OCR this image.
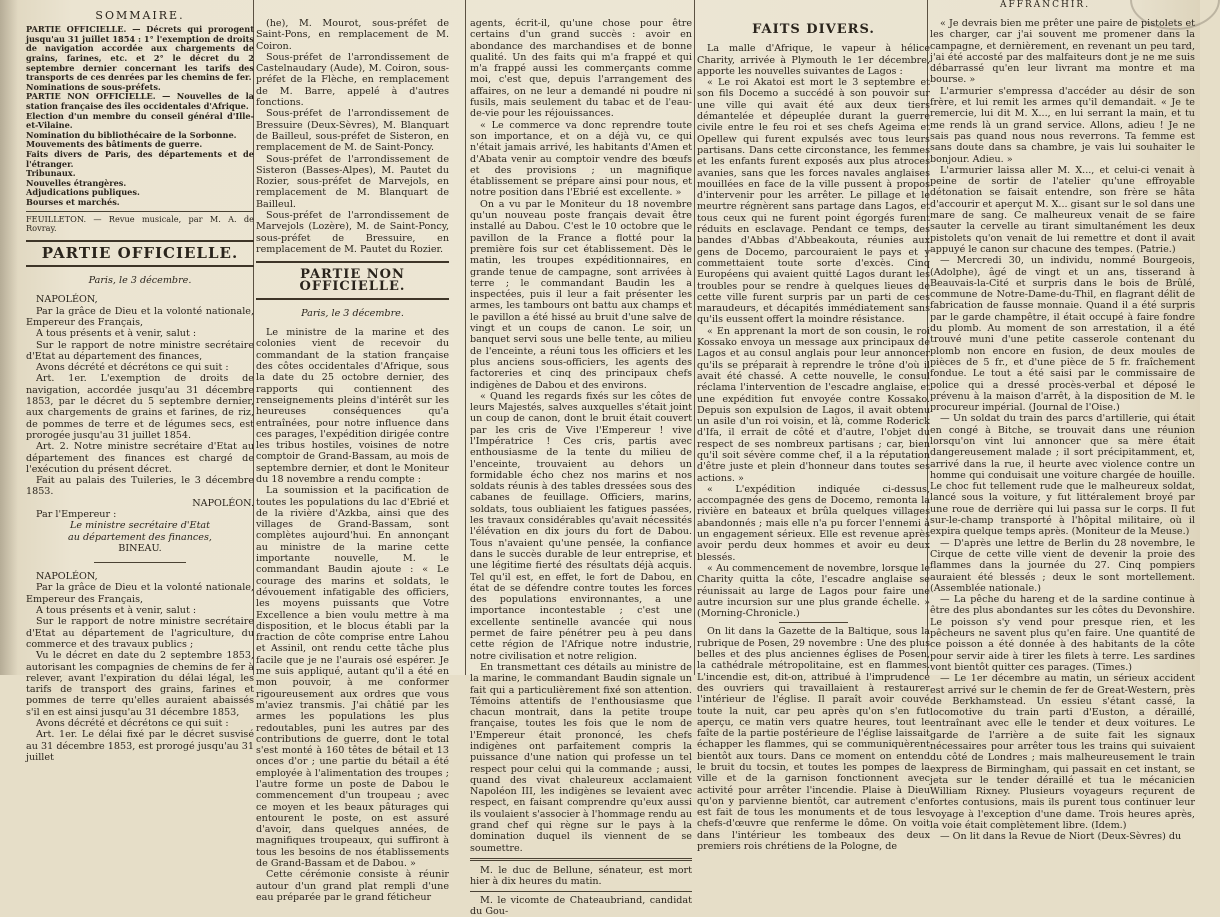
AFFRANCHIR.
SOMMAIRE.

PARTIE OFFICIELLE. — Décrets qui prorogent jusqu'au 31 juillet 1854 : 1° l'exemption de droits de navigation accordée aux chargements de grains, farines, etc. et 2° le décret du 2 septembre dernier concernant les tarifs des transports de ces denrées par les chemins de fer.

Nominations de sous-préfets.

PARTIE NON OFFICIELLE. — Nouvelles de la station française des îles occidentales d'Afrique.

Election d'un membre du conseil général d'Ille-et-Vilaine.

Nomination du bibliothécaire de la Sorbonne.

Mouvements des bâtiments de guerre.

Faits divers de Paris, des départements et de l'étranger.

Tribunaux.

Nouvelles étrangères.

Adjudications publiques.

Bourses et marchés.

FEUILLETON. — Revue musicale, par M. A. de Rovray.

PARTIE OFFICIELLE.
Paris, le 3 décembre.

NAPOLÉON,

Par la grâce de Dieu et la volonté nationale, Empereur des Français,

A tous présents et à venir, salut :

Sur le rapport de notre ministre secrétaire d'Etat au département des finances,

Avons décrété et décrétons ce qui suit :

Art. 1er. L'exemption de droits de navigation, accordée jusqu'au 31 décembre 1853, par le décret du 5 septembre dernier, aux chargements de grains et farines, de riz, de pommes de terre et de légumes secs, est prorogée jusqu'au 31 juillet 1854.

Art. 2. Notre ministre secrétaire d'Etat au département des finances est chargé de l'exécution du présent décret.

Fait au palais des Tuileries, le 3 décembre 1853.

NAPOLÉON.

Par l'Empereur :

Le ministre secrétaire d'Etat

au département des finances,

BINEAU.

NAPOLÉON,

Par la grâce de Dieu et la volonté nationale, Empereur des Français,

A tous présents et à venir, salut :

Sur le rapport de notre ministre secrétaire d'Etat au département de l'agriculture, du commerce et des travaux publics ;

Vu le décret en date du 2 septembre 1853, autorisant les compagnies de chemins de fer à relever, avant l'expiration du délai légal, les tarifs de transport des grains, farines et pommes de terre qu'elles auraient abaissés s'il en est ainsi jusqu'au 31 décembre 1853,

Avons décrété et décrétons ce qui suit :

Art. 1er. Le délai fixé par le décret susvisé au 31 décembre 1853, est prorogé jusqu'au 31 juillet

(he), M. Mourot, sous-préfet de Saint-Pons, en remplacement de M. Coiron.

Sous-préfet de l'arrondissement de Castelnaudary (Aude), M. Coiron, sous-préfet de la Flèche, en remplacement de M. Barre, appelé à d'autres fonctions.

Sous-préfet de l'arrondissement de Bressuire (Deux-Sèvres), M. Blanquart de Bailleul, sous-préfet de Sisteron, en remplacement de M. de Saint-Poncy.

Sous-préfet de l'arrondissement de Sisteron (Basses-Alpes), M. Pautet du Rozier, sous-préfet de Marvejols, en remplacement de M. Blanquart de Bailleul.

Sous-préfet de l'arrondissement de Marvejols (Lozère), M. de Saint-Poncy, sous-préfet de Bressuire, en remplacement de M. Pautet du Rozier.

PARTIE NON OFFICIELLE.
Paris, le 3 décembre.

Le ministre de la marine et des colonies vient de recevoir du commandant de la station française des côtes occidentales d'Afrique, sous la date du 25 octobre dernier, des rapports qui contiennent des renseignements pleins d'intérêt sur les heureuses conséquences qu'a entraînées, pour notre influence dans ces parages, l'expédition dirigée contre les tribus hostiles, voisines de notre comptoir de Grand-Bassam, au mois de septembre dernier, et dont le Moniteur du 18 novembre a rendu compte :

La soumission et la pacification de toutes les populations du lac d'Ebrié et de la rivière d'Azkba, ainsi que des villages de Grand-Bassam, sont complètes aujourd'hui. En annonçant au ministre de la marine cette importante nouvelle, M. le commandant Baudin ajoute : « Le courage des marins et soldats, le dévouement infatigable des officiers, les moyens puissants que Votre Excellence a bien voulu mettre à ma disposition, et le blocus établi par la fraction de côte comprise entre Lahou et Assinil, ont rendu cette tâche plus facile que je ne l'aurais osé espérer. Je me suis appliqué, autant qu'il a été en mon pouvoir, à me conformer rigoureusement aux ordres que vous m'aviez transmis. J'ai châtié par les armes les populations les plus redoutables, puni les autres par des contributions de guerre, dont le total s'est monté à 160 têtes de bétail et 13 onces d'or ; une partie du bétail a été employée à l'alimentation des troupes ; l'autre forme un poste de Dabou le commencement d'un troupeau ; avec ce moyen et les beaux pâturages qui entourent le poste, on est assuré d'avoir, dans quelques années, de magnifiques troupeaux, qui suffiront à tous les besoins de nos établissements de Grand-Bassam et de Dabou. »

Cette cérémonie consiste à réunir autour d'un grand plat rempli d'une eau préparée par le grand féticheur

agents, écrit-il, qu'une chose pour être certains d'un grand succès : avoir en abondance des marchandises et de bonne qualité. Un des faits qui m'a frappé et qui m'a frappé aussi les commerçants comme moi, c'est que, depuis l'arrangement des affaires, on ne leur a demandé ni poudre ni fusils, mais seulement du tabac et de l'eau-de-vie pour les réjouissances.

« Le commerce va donc reprendre toute son importance, et on a déjà vu, ce qui n'était jamais arrivé, les habitants d'Amen et d'Abata venir au comptoir vendre des bœufs et des provisions ; un magnifique établissement se prépare ainsi pour nous, et notre position dans l'Ebrié est excellente. »

On a vu par le Moniteur du 18 novembre qu'un nouveau poste français devait être installé au Dabou. C'est le 10 octobre que le pavillon de la France a flotté pour la première fois sur cet établissement. Dès le matin, les troupes expéditionnaires, en grande tenue de campagne, sont arrivées à terre ; le commandant Baudin les a inspectées, puis il leur a fait présenter les armes, les tambours ont battu aux champs et le pavillon a été hissé au bruit d'une salve de vingt et un coups de canon. Le soir, un banquet servi sous une belle tente, au milieu de l'enceinte, a réuni tous les officiers et les plus anciens sous-officiers, les agents des factoreries et cinq des principaux chefs indigènes de Dabou et des environs.

« Quand les regards fixés sur les côtes de leurs Majestés, salves auxquelles s'était joint un coup de canon, dont le bruit était couvert par les cris de Vive l'Empereur ! vive l'Impératrice ! Ces cris, partis avec enthousiasme de la tente du milieu de l'enceinte, trouvaient au dehors un formidable écho chez nos marins et nos soldats réunis à des tables dressées sous des cabanes de feuillage. Officiers, marins, soldats, tous oubliaient les fatigues passées, les travaux considérables qu'avait nécessités l'élévation en dix jours du fort de Dabou. Tous n'avaient qu'une pensée, la confiance dans le succès durable de leur entreprise, et une légitime fierté des résultats déjà acquis. Tel qu'il est, en effet, le fort de Dabou, en état de se défendre contre toutes les forces des populations environnantes, a une importance incontestable ; c'est une excellente sentinelle avancée qui nous permet de faire pénétrer peu à peu dans cette région de l'Afrique notre industrie, notre civilisation et notre religion.

En transmettant ces détails au ministre de la marine, le commandant Baudin signale un fait qui a particulièrement fixé son attention. Témoins attentifs de l'enthousiasme que chacun montrait, dans la petite troupe française, toutes les fois que le nom de l'Empereur était prononcé, les chefs indigènes ont parfaitement compris la puissance d'une nation qui professe un tel respect pour celui qui la commande ; aussi, quand des vivat chaleureux acclamaient Napoléon III, les indigènes se levaient avec respect, en faisant comprendre qu'eux aussi ils voulaient s'associer à l'hommage rendu au grand chef qui règne sur le pays à la domination duquel ils viennent de se soumettre.

M. le duc de Bellune, sénateur, est mort hier à dix heures du matin.

M. le vicomte de Chateaubriand, candidat du Gou-

FAITS DIVERS.

La malle d'Afrique, le vapeur à hélice Charity, arrivée à Plymouth le 1er décembre, apporte les nouvelles suivantes de Lagos :

« Le roi Akatoi est mort le 3 septembre et son fils Docemo a succédé à son pouvoir sur une ville qui avait été aux deux tiers démantelée et dépeuplée durant la guerre civile entre le feu roi et ses chefs Ageima et Opellew qui furent expulsés avec tous leurs partisans. Dans cette circonstance, les femmes et les enfants furent exposés aux plus atroces avanies, sans que les forces navales anglaises mouillées en face de la ville pussent à propos d'intervenir pour les arrêter. Le pillage et le meurtre régnèrent sans partage dans Lagos, et tous ceux qui ne furent point égorgés furent réduits en esclavage. Pendant ce temps, des bandes d'Abbas d'Abbeakouta, réunies aux gens de Docemo, parcouraient le pays et y commettaient toute sorte d'excès. Cinq Européens qui avaient quitté Lagos durant les troubles pour se rendre à quelques lieues de cette ville furent surpris par un parti de ces maraudeurs, et décapités immédiatement sans qu'ils eussent offert la moindre résistance.

« En apprenant la mort de son cousin, le roi Kossako envoya un message aux principaux de Lagos et au consul anglais pour leur annoncer qu'ils se préparait à reprendre le trône d'où il avait été chassé. A cette nouvelle, le consul réclama l'intervention de l'escadre anglaise, et une expédition fut envoyée contre Kossako. Depuis son expulsion de Lagos, il avait obtenu un asile d'un roi voisin, et là, comme Roderick d'Ifa, il errait de côté et d'autre, l'objet du respect de ses nombreux partisans ; car, bien qu'il soit sévère comme chef, il a la réputation d'être juste et plein d'honneur dans toutes ses actions. »

« L'expédition indiquée ci-dessus, accompagnée des gens de Docemo, remonta la rivière en bateaux et brûla quelques villages abandonnés ; mais elle n'a pu forcer l'ennemi à un engagement sérieux. Elle est revenue après avoir perdu deux hommes et avoir eu deux blessés.

« Au commencement de novembre, lorsque le Charity quitta la côte, l'escadre anglaise se réunissait au large de Lagos pour faire une autre incursion sur une plus grande échelle. » (Morning-Chronicle.)

On lit dans la Gazette de la Baltique, sous la rubrique de Posen, 29 novembre : Une des plus belles et des plus anciennes églises de Posen, la cathédrale métropolitaine, est en flammes. L'incendie est, dit-on, attribué à l'imprudence des ouvriers qui travaillaient à restaurer l'intérieur de l'église. Il paraît avoir couvé toute la nuit, car peu après qu'on s'en fut aperçu, ce matin vers quatre heures, tout le faîte de la partie postérieure de l'église laissait échapper les flammes, qui se communiquèrent bientôt aux tours. Dans ce moment on entend le bruit du tocsin, et toutes les pompes de la ville et de la garnison fonctionnent avec activité pour arrêter l'incendie. Plaise à Dieu qu'on y parvienne bientôt, car autrement c'en est fait de tous les monuments et de tous les chefs-d'œuvre que renferme le dôme. On voit dans l'intérieur les tombeaux des deux premiers rois chrétiens de la Pologne, de

« Je devrais bien me prêter une paire de pistolets et les charger, car j'ai souvent me promener dans la campagne, et dernièrement, en revenant un peu tard, j'ai été accosté par des malfaiteurs dont je ne me suis débarrassé qu'en leur livrant ma montre et ma bourse. »

L'armurier s'empressa d'accéder au désir de son frère, et lui remit les armes qu'il demandait. « Je te remercie, lui dit M. X..., en lui serrant la main, et tu me rends là un grand service. Allons, adieu ! Je ne sais pas quand nous nous reverrons. Ta femme est sans doute dans sa chambre, je vais lui souhaiter le bonjour. Adieu. »

L'armurier laissa aller M. X..., et celui-ci venait à peine de sortir de l'atelier qu'une effroyable détonation se faisait entendre, son frère se hâta d'accourir et aperçut M. X... gisant sur le sol dans une mare de sang. Ce malheureux venait de se faire sauter la cervelle au tirant simultanément les deux pistolets qu'on venait de lui remettre et dont il avait appuyé le canon sur chacune des tempes. (Patrie.)

— Mercredi 30, un individu, nommé Bourgeois, (Adolphe), âgé de vingt et un ans, tisserand à Beauvais-la-Cité et surpris dans le bois de Brûlé, commune de Notre-Dame-du-Thil, en flagrant délit de fabrication de fausse monnaie. Quand il a été surpris par le garde champêtre, il était occupé à faire fondre du plomb. Au moment de son arrestation, il a été trouvé muni d'une petite casserole contenant du plomb non encore en fusion, de deux moules de pièces de 5 fr., et d'une pièce de 5 fr. fraîchement fondue. Le tout a été saisi par le commissaire de police qui a dressé procès-verbal et déposé le prévenu à la maison d'arrêt, à la disposition de M. le procureur impérial. (Journal de l'Oise.)

— Un soldat du train des parcs d'artillerie, qui était en congé à Bitche, se trouvait dans une réunion lorsqu'on vint lui annoncer que sa mère était dangereusement malade ; il sort précipitamment, et, arrivé dans la rue, il heurte avec violence contre un homme qui conduisait une voiture chargée de houille. Le choc fut tellement rude que le malheureux soldat, lancé sous la voiture, y fut littéralement broyé par une roue de derrière qui lui passa sur le corps. Il fut sur-le-champ transporté à l'hôpital militaire, où il expira quelque temps après. (Moniteur de la Meuse.)

— D'après une lettre de Berlin du 28 novembre, le Cirque de cette ville vient de devenir la proie des flammes dans la journée du 27. Cinq pompiers auraient été blessés ; deux le sont mortellement. (Assemblée nationale.)

— La pêche du hareng et de la sardine continue à être des plus abondantes sur les côtes du Devonshire. Le poisson s'y vend pour presque rien, et les pêcheurs ne savent plus qu'en faire. Une quantité de ce poisson a été donnée à des habitants de la côte pour servir aide à tirer les filets à terre. Les sardines vont bientôt quitter ces parages. (Times.)

— Le 1er décembre au matin, un sérieux accident est arrivé sur le chemin de fer de Great-Western, près de Berkhamstead. Un essieu s'étant cassé, la locomotive du train parti d'Euston, a déraillé, entraînant avec elle le tender et deux voitures. Le garde de l'arrière a de suite fait les signaux nécessaires pour arrêter tous les trains qui suivaient du côté de Londres ; mais malheureusement le train express de Birmingham, qui passait en cet instant, se jeta sur le tender déraillé et tua le mécanicien William Rixney. Plusieurs voyageurs reçurent de fortes contusions, mais ils purent tous continuer leur voyage à l'exception d'une dame. Trois heures après, la voie était complètement libre. (Idem.)

— On lit dans la Revue de Niort (Deux-Sèvres) du
